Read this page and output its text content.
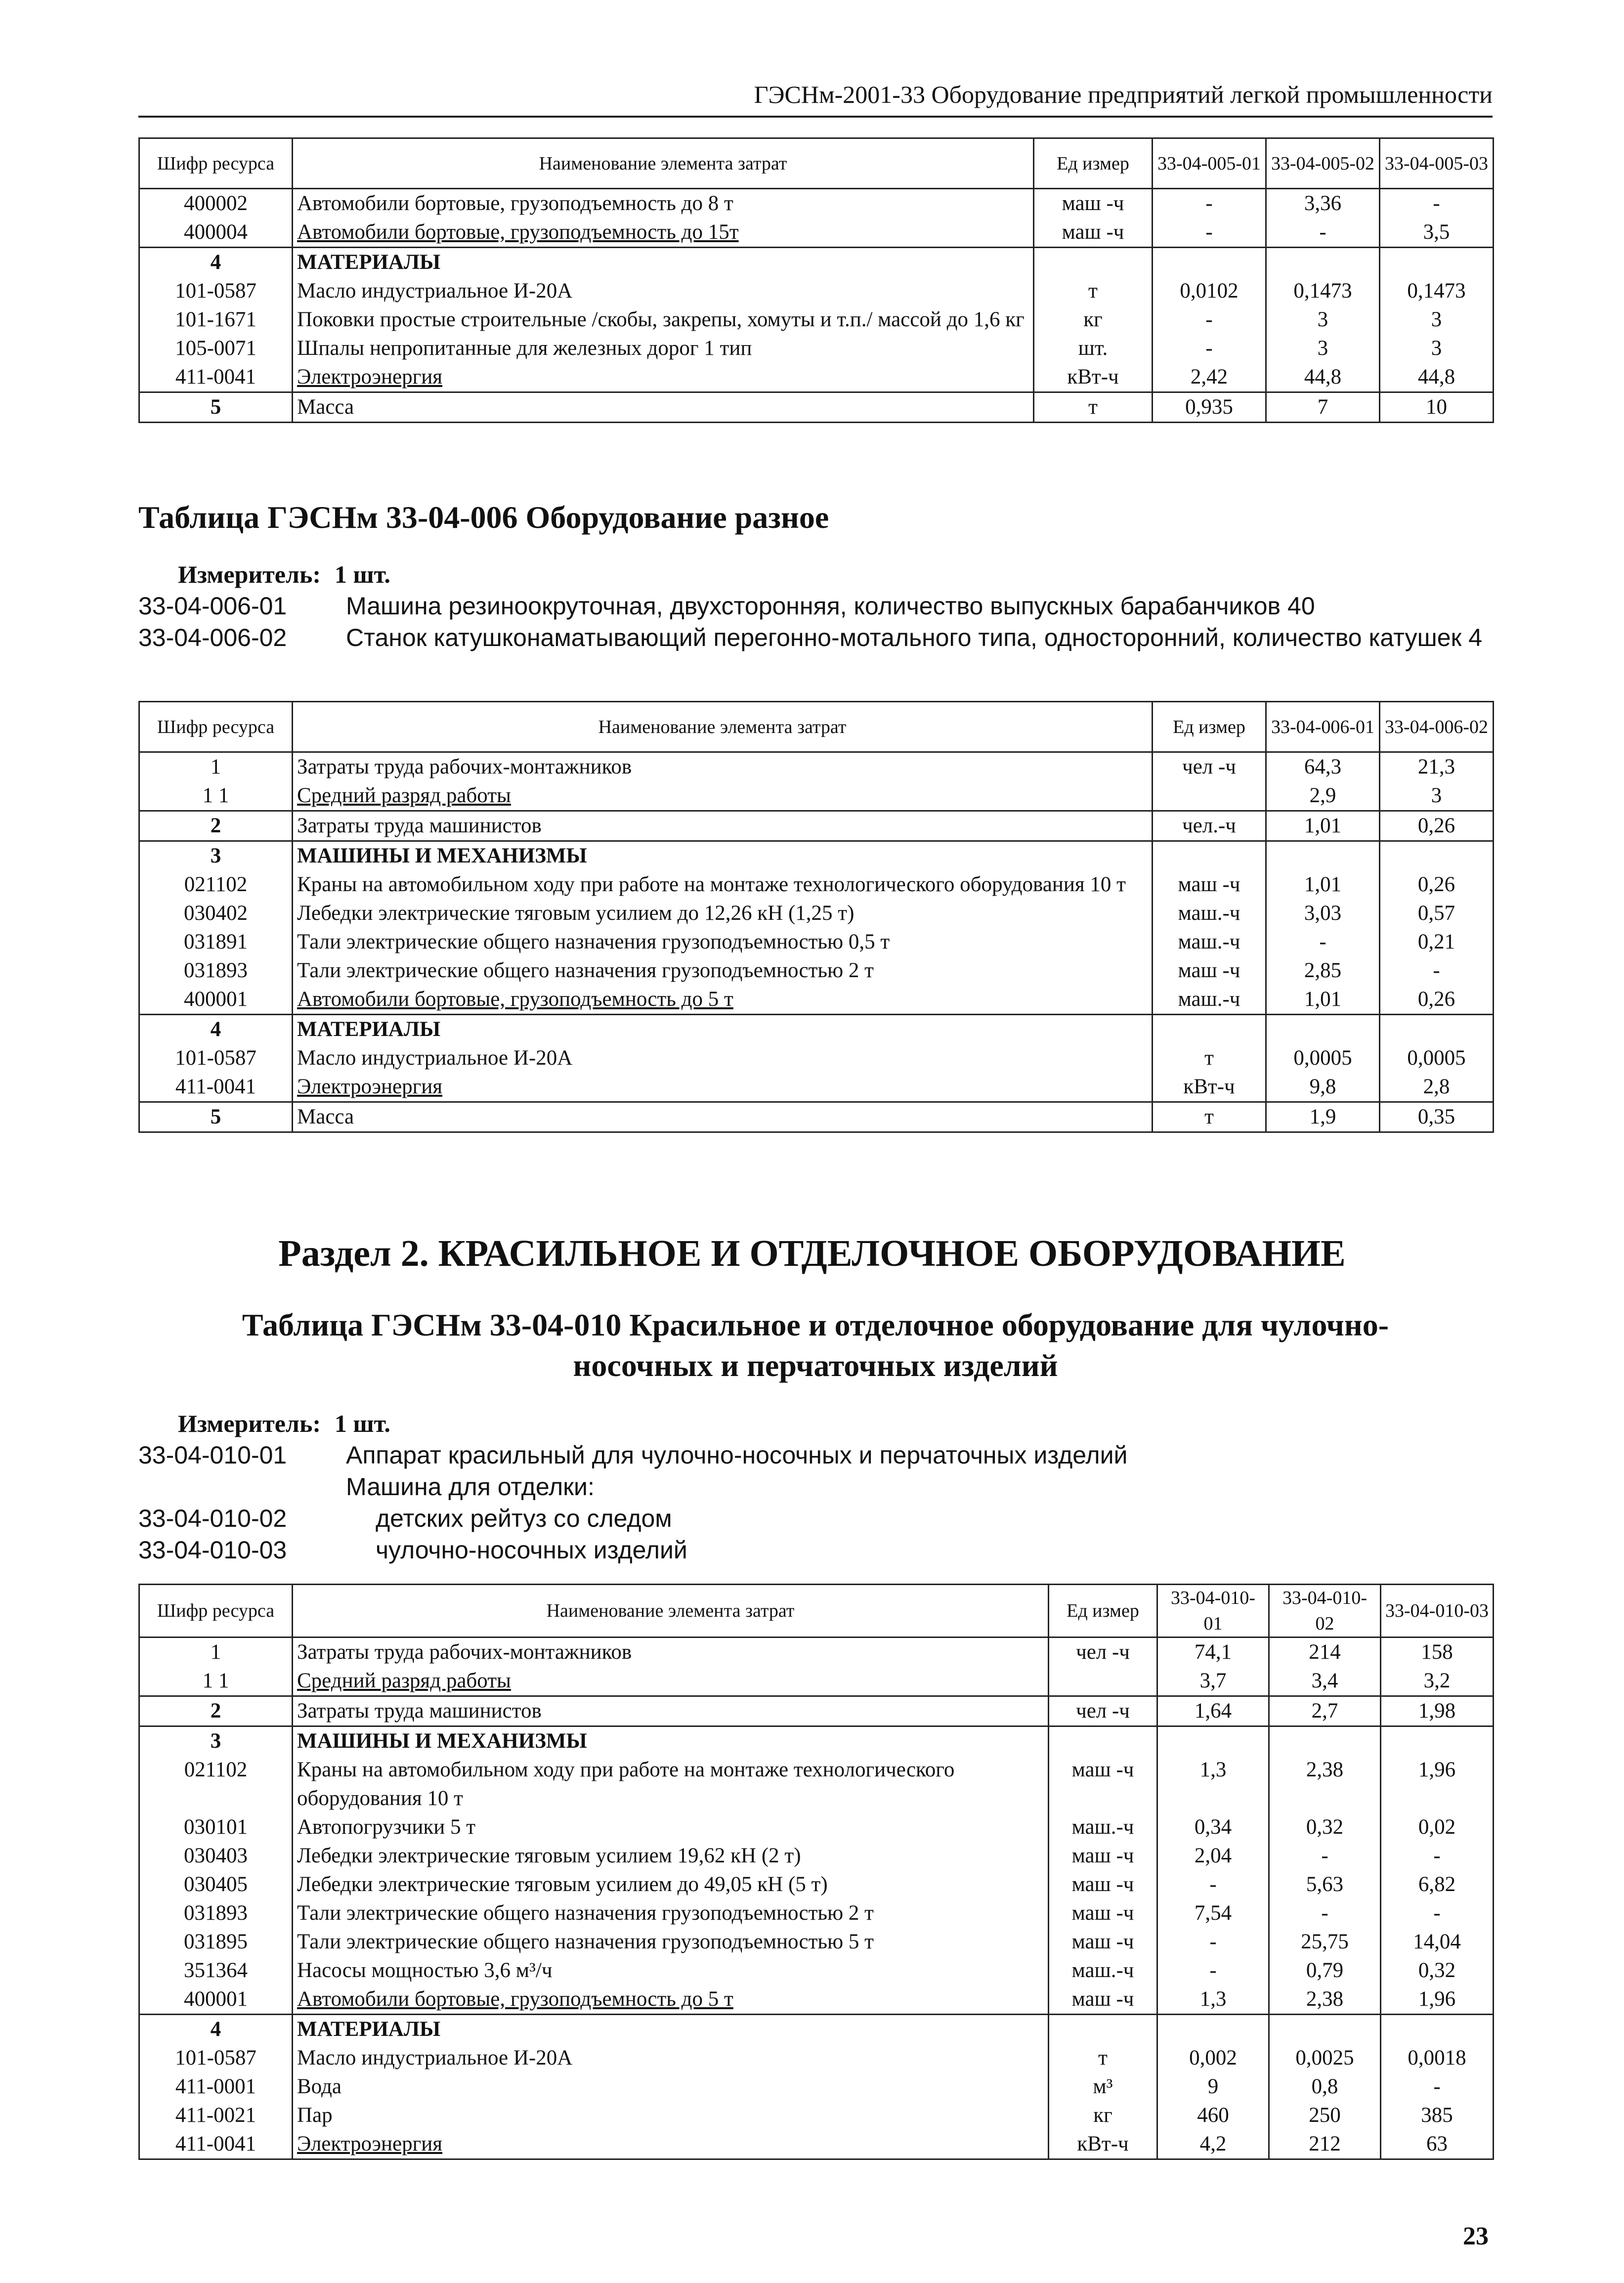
ГЭСНм-2001-33 Оборудование предприятий легкой промышленности
Шифр ресурса	Наименование элемента затрат	Ед измер	33-04-005-01	33-04-005-02	33-04-005-03
400002	Автомобили бортовые, грузоподъемность до 8 т	маш -ч	-	3,36	-
400004	Автомобили бортовые, грузоподъемность до 15т	маш -ч	-	-	3,5
4	МАТЕРИАЛЫ				
101-0587	Масло индустриальное И-20А	т	0,0102	0,1473	0,1473
101-1671	Поковки простые строительные /скобы, закрепы, хомуты и т.п./ массой до 1,6 кг	кг	-	3	3
105-0071	Шпалы непропитанные для железных дорог 1 тип	шт.	-	3	3
411-0041	Электроэнергия	кВт-ч	2,42	44,8	44,8
5	Масса	т	0,935	7	10
Таблица ГЭСНм 33-04-006 Оборудование разное
Измеритель:
1 шт.
33-04-006-01	Машина резиноокруточная, двухсторонняя, количество выпускных барабанчиков 40
33-04-006-02	Станок катушконаматывающий перегонно-мотального типа, односторонний, количество катушек 4
Шифр ресурса	Наименование элемента затрат	Ед измер	33-04-006-01	33-04-006-02
1	Затраты труда рабочих-монтажников	чел -ч	64,3	21,3
1 1	Средний разряд работы		2,9	3
2	Затраты труда машинистов	чел.-ч	1,01	0,26
3	МАШИНЫ И МЕХАНИЗМЫ			
021102	Краны на автомобильном ходу при работе на монтаже технологического оборудования 10 т	маш -ч	1,01	0,26
030402	Лебедки электрические тяговым усилием до 12,26 кН (1,25 т)	маш.-ч	3,03	0,57
031891	Тали электрические общего назначения грузоподъемностью 0,5 т	маш.-ч	-	0,21
031893	Тали электрические общего назначения грузоподъемностью 2 т	маш -ч	2,85	-
400001	Автомобили бортовые, грузоподъемность до 5 т	маш.-ч	1,01	0,26
4	МАТЕРИАЛЫ			
101-0587	Масло индустриальное И-20А	т	0,0005	0,0005
411-0041	Электроэнергия	кВт-ч	9,8	2,8
5	Масса	т	1,9	0,35
Раздел 2. КРАСИЛЬНОЕ И ОТДЕЛОЧНОЕ ОБОРУДОВАНИЕ
Таблица ГЭСНм 33-04-010 Красильное и отделочное оборудование для чулочно-
носочных и перчаточных изделий
Измеритель:
1 шт.
33-04-010-01	Аппарат красильный для чулочно-носочных и перчаточных изделий
Машина для отделки:
33-04-010-02	детских рейтуз со следом
33-04-010-03	чулочно-носочных изделий
Шифр ресурса	Наименование элемента затрат	Ед измер	33-04-010-01	33-04-010-02	33-04-010-03
1	Затраты труда рабочих-монтажников	чел -ч	74,1	214	158
1 1	Средний разряд работы		3,7	3,4	3,2
2	Затраты труда машинистов	чел -ч	1,64	2,7	1,98
3	МАШИНЫ И МЕХАНИЗМЫ				
021102	Краны на автомобильном ходу при работе на монтаже технологического оборудования 10 т	маш -ч	1,3	2,38	1,96
030101	Автопогрузчики 5 т	маш.-ч	0,34	0,32	0,02
030403	Лебедки электрические тяговым усилием 19,62 кН (2 т)	маш -ч	2,04	-	-
030405	Лебедки электрические тяговым усилием до 49,05 кН (5 т)	маш -ч	-	5,63	6,82
031893	Тали электрические общего назначения грузоподъемностью 2 т	маш -ч	7,54	-	-
031895	Тали электрические общего назначения грузоподъемностью 5 т	маш -ч	-	25,75	14,04
351364	Насосы мощностью 3,6 м³/ч	маш.-ч	-	0,79	0,32
400001	Автомобили бортовые, грузоподъемность до 5 т	маш -ч	1,3	2,38	1,96
4	МАТЕРИАЛЫ				
101-0587	Масло индустриальное И-20А	т	0,002	0,0025	0,0018
411-0001	Вода	м³	9	0,8	-
411-0021	Пар	кг	460	250	385
411-0041	Электроэнергия	кВт-ч	4,2	212	63
23
